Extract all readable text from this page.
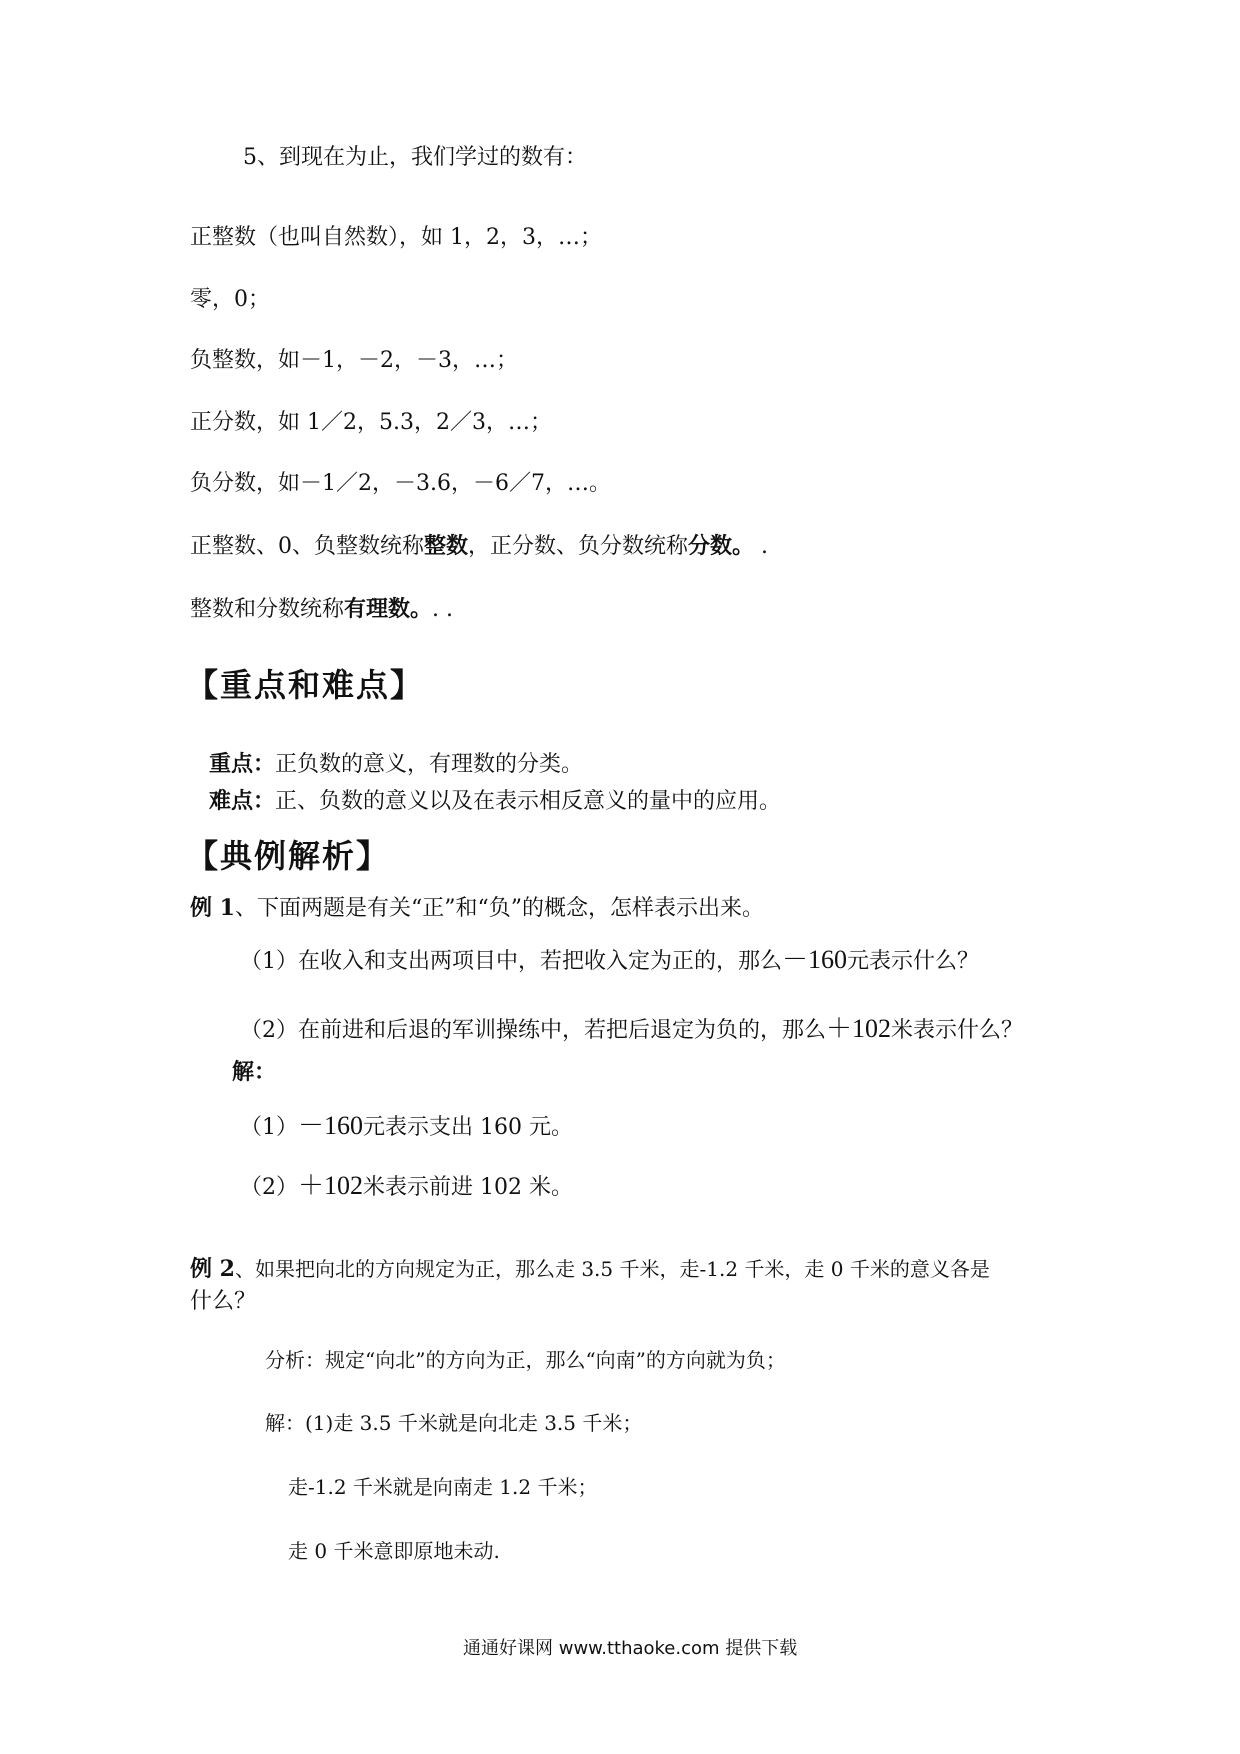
5、到现在为止，我们学过的数有：
正整数（也叫自然数），如 1，2，3，…；
零，0；
负整数，如－1，－2，－3，…；
正分数，如 1／2，5.3，2／3，…；
负分数，如－1／2，－3.6，－6／7，…。
正整数、0、负整数统称整数，正分数、负分数统称分数。 .
整数和分数统称有理数。. .
【重点和难点】
重点：正负数的意义，有理数的分类。
难点：正、负数的意义以及在表示相反意义的量中的应用。
【典例解析】
例 1、下面两题是有关“正”和“负”的概念，怎样表示出来。
（1）在收入和支出两项目中，若把收入定为正的，那么－160元表示什么？
（2）在前进和后退的军训操练中，若把后退定为负的，那么＋102米表示什么？
解：
（1）－160元表示支出 160 元。
（2）＋102米表示前进 102 米。
例 2、如果把向北的方向规定为正，那么走 3.5 千米，走-1.2 千米，走 0 千米的意义各是
什么？
分析：规定“向北”的方向为正，那么“向南”的方向就为负；
解：(1)走 3.5 千米就是向北走 3.5 千米；
走-1.2 千米就是向南走 1.2 千米；
走 0 千米意即原地未动.
通通好课网 www.tthaoke.com 提供下载
